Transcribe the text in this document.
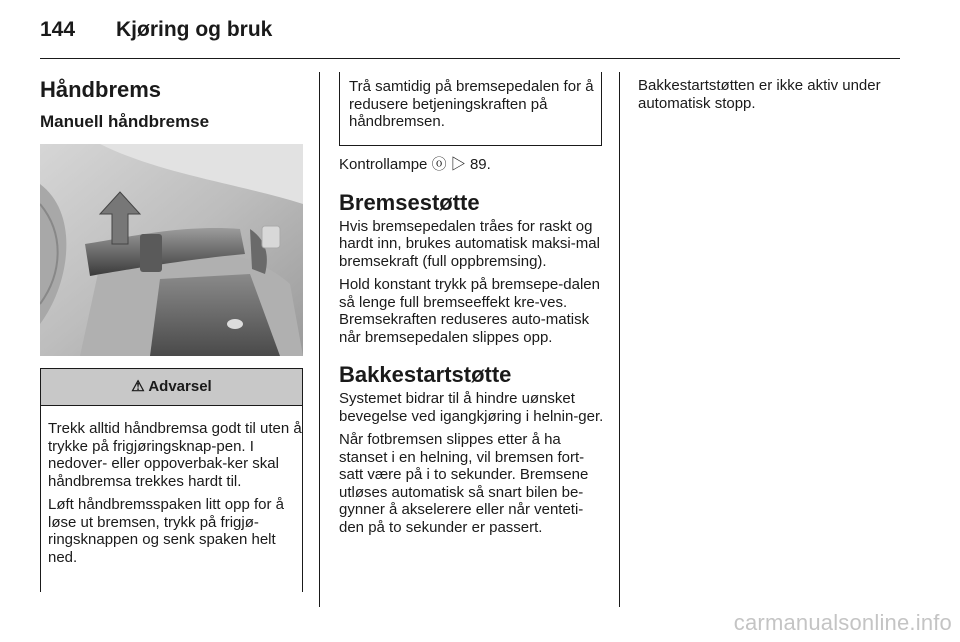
144 Kjøring og bruk
Håndbrems
Manuell håndbremse
⚠ Advarsel

Trekk alltid håndbremsa godt til uten å trykke på frigjøringsknap-pen. I nedover- eller oppoverbak-ker skal håndbremsa trekkes hardt til.

Løft håndbremsspaken litt opp for å løse ut bremsen, trykk på frigjø-ringsknappen og senk spaken helt ned.

Trå samtidig på bremsepedalen for å redusere betjeningskraften på håndbremsen.

Kontrollampe ⓞ ▷ 89.

Bremsestøtte

Hvis bremsepedalen tråes for raskt og hardt inn, brukes automatisk maksi-mal bremsekraft (full oppbremsing).

Hold konstant trykk på bremsepe-dalen så lenge full bremseeffekt kre-ves. Bremsekraften reduseres auto-matisk når bremsepedalen slippes opp.

Bakkestartstøtte

Systemet bidrar til å hindre uønsket bevegelse ved igangkjøring i helnin-ger.

Når fotbremsen slippes etter å ha stanset i en helning, vil bremsen fort-satt være på i to sekunder. Bremsene utløses automatisk så snart bilen be-gynner å akselerere eller når venteti-den på to sekunder er passert.

Bakkestartstøtten er ikke aktiv under automatisk stopp.

carmanualsonline.info
